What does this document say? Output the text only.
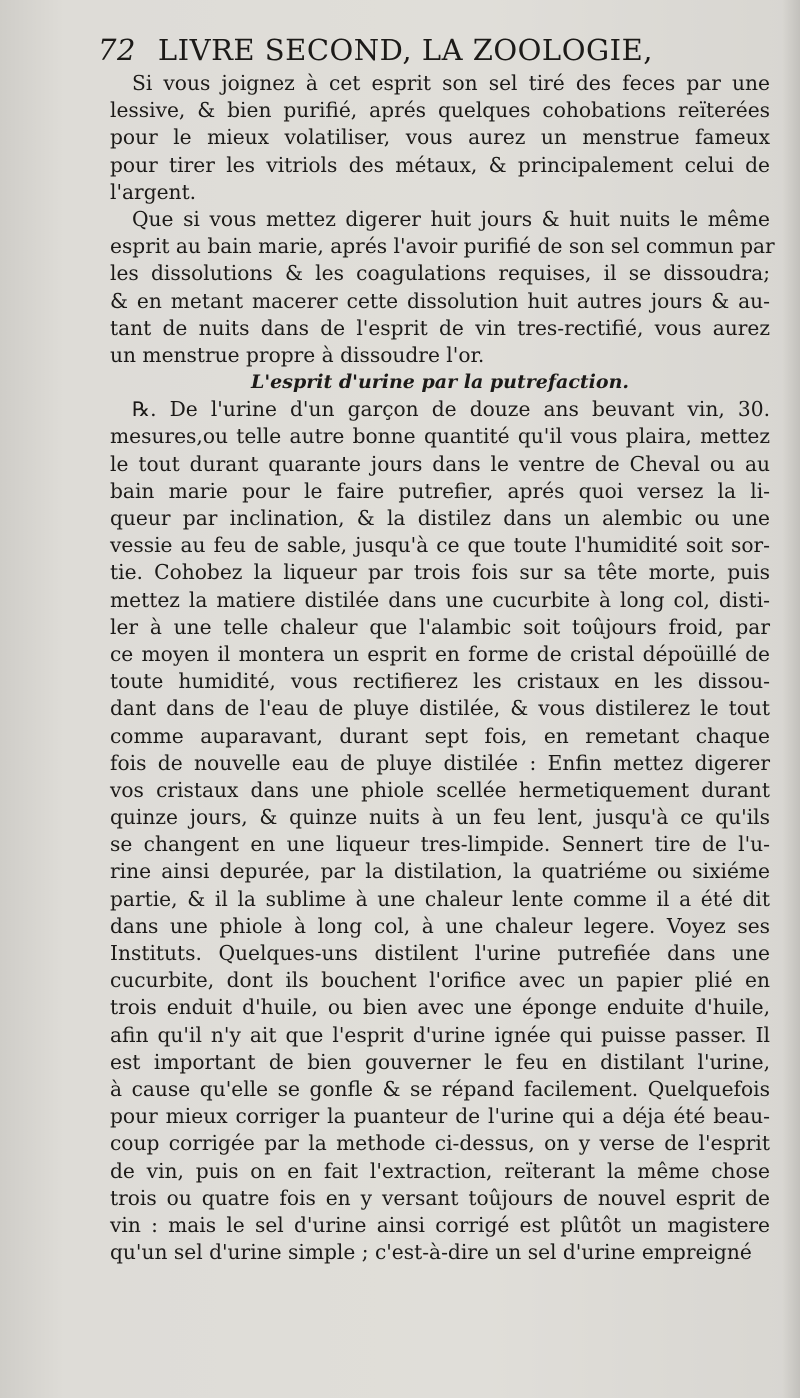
72 LIVRE SECOND, LA ZOOLOGIE,
Si vous joignez à cet esprit son sel tiré des feces par une
lessive, & bien purifié, aprés quelques cohobations reïterées
pour le mieux volatiliser, vous aurez un menstrue fameux
pour tirer les vitriols des métaux, & principalement celui de
l'argent.
Que si vous mettez digerer huit jours & huit nuits le même
esprit au bain marie, aprés l'avoir purifié de son sel commun par
les dissolutions & les coagulations requises, il se dissoudra;
& en metant macerer cette dissolution huit autres jours & au-
tant de nuits dans de l'esprit de vin tres-rectifié, vous aurez
un menstrue propre à dissoudre l'or.
L'esprit d'urine par la putrefaction.
℞. De l'urine d'un garçon de douze ans beuvant vin, 30.
mesures,ou telle autre bonne quantité qu'il vous plaira, mettez
le tout durant quarante jours dans le ventre de Cheval ou au
bain marie pour le faire putrefier, aprés quoi versez la li-
queur par inclination, & la distilez dans un alembic ou une
vessie au feu de sable, jusqu'à ce que toute l'humidité soit sor-
tie. Cohobez la liqueur par trois fois sur sa tête morte, puis
mettez la matiere distilée dans une cucurbite à long col, disti-
ler à une telle chaleur que l'alambic soit toûjours froid, par
ce moyen il montera un esprit en forme de cristal dépoüillé de
toute humidité, vous rectifierez les cristaux en les dissou-
dant dans de l'eau de pluye distilée, & vous distilerez le tout
comme auparavant, durant sept fois, en remetant chaque
fois de nouvelle eau de pluye distilée : Enfin mettez digerer
vos cristaux dans une phiole scellée hermetiquement durant
quinze jours, & quinze nuits à un feu lent, jusqu'à ce qu'ils
se changent en une liqueur tres-limpide. Sennert tire de l'u-
rine ainsi depurée, par la distilation, la quatriéme ou sixiéme
partie, & il la sublime à une chaleur lente comme il a été dit
dans une phiole à long col, à une chaleur legere. Voyez ses
Instituts. Quelques-uns distilent l'urine putrefiée dans une
cucurbite, dont ils bouchent l'orifice avec un papier plié en
trois enduit d'huile, ou bien avec une éponge enduite d'huile,
afin qu'il n'y ait que l'esprit d'urine ignée qui puisse passer. Il
est important de bien gouverner le feu en distilant l'urine,
à cause qu'elle se gonfle & se répand facilement. Quelquefois
pour mieux corriger la puanteur de l'urine qui a déja été beau-
coup corrigée par la methode ci-dessus, on y verse de l'esprit
de vin, puis on en fait l'extraction, reïterant la même chose
trois ou quatre fois en y versant toûjours de nouvel esprit de
vin : mais le sel d'urine ainsi corrigé est plûtôt un magistere
qu'un sel d'urine simple ; c'est-à-dire un sel d'urine empreigné
